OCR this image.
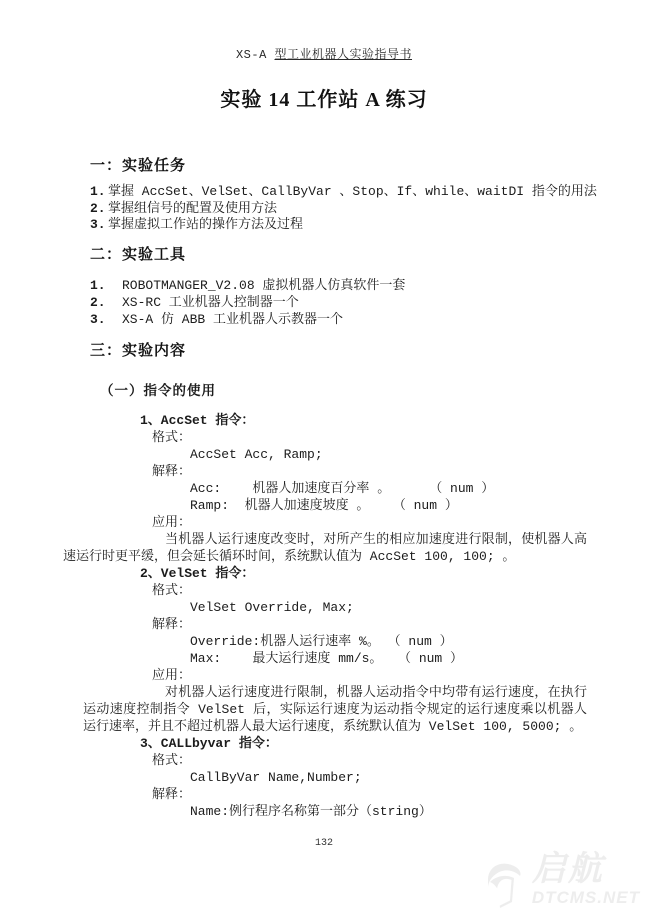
XS-A 型工业机器人实验指导书
实验 14 工作站 A 练习
一：实验任务
1. 掌握 AccSet、VelSet、CallByVar 、Stop、If、while、waitDI 指令的用法
2. 掌握组信号的配置及使用方法
3. 掌握虚拟工作站的操作方法及过程
二：实验工具
1.	ROBOTMANGER_V2.08 虚拟机器人仿真软件一套
2.	XS-RC 工业机器人控制器一个
3.	XS-A 仿 ABB 工业机器人示教器一个
三：实验内容
（一）指令的使用
1、AccSet 指令：
格式：
AccSet Acc, Ramp;
解释：
Acc:    机器人加速度百分率 。     （ num ）
Ramp:  机器人加速度坡度 。   （ num ）
应用：
当机器人运行速度改变时，对所产生的相应加速度进行限制，使机器人高速运行时更平缓，但会延长循环时间，系统默认值为 AccSet 100, 100; 。
2、VelSet 指令：
格式：
VelSet Override, Max;
解释：
Override:机器人运行速率 %。 （ num ）
Max:    最大运行速度 mm/s。  （ num ）
应用：
对机器人运行速度进行限制，机器人运动指令中均带有运行速度，在执行运动速度控制指令 VelSet 后，实际运行速度为运动指令规定的运行速度乘以机器人运行速率，并且不超过机器人最大运行速度，系统默认值为 VelSet 100, 5000; 。
3、CALLbyvar 指令：
格式：
CallByVar Name,Number;
解释：
Name:例行程序名称第一部分（string）
132
启航
DTCMS.NET
